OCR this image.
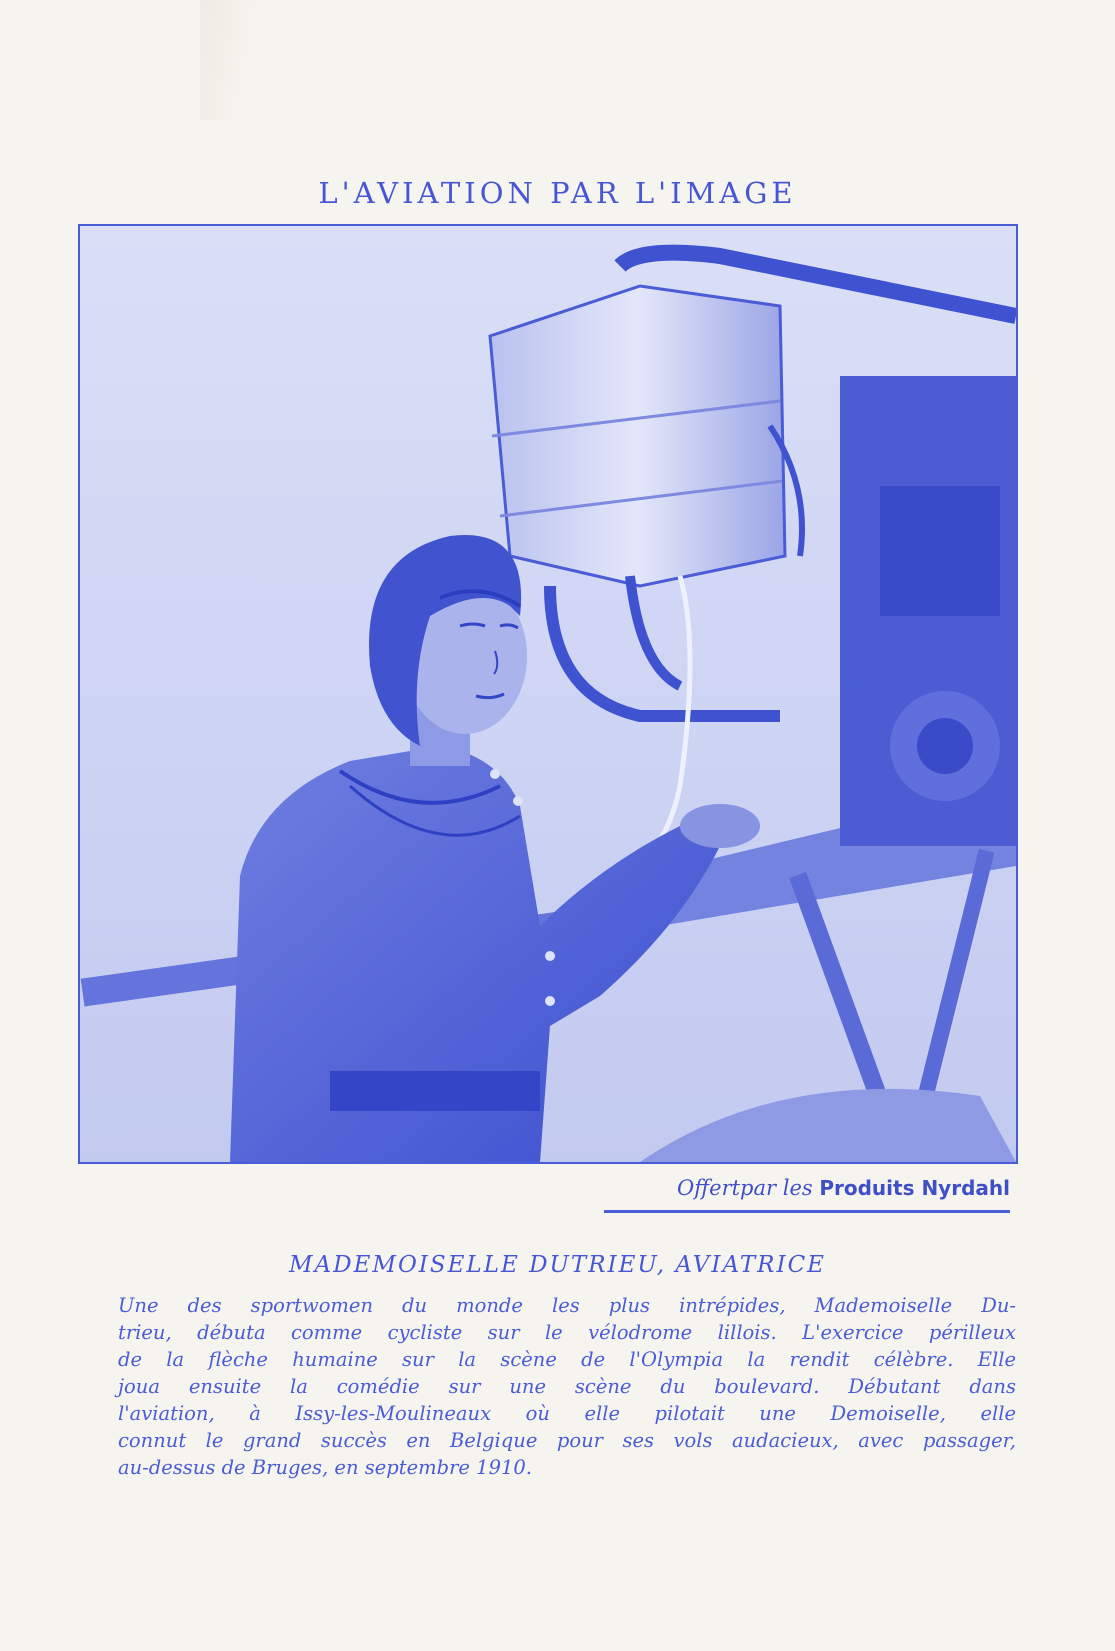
L'AVIATION PAR L'IMAGE
Offertpar les Produits Nyrdahl
MADEMOISELLE DUTRIEU, AVIATRICE
Une des sportwomen du monde les plus intrépides, Mademoiselle Du-
trieu, débuta comme cycliste sur le vélodrome lillois. L'exercice périlleux
de la flèche humaine sur la scène de l'Olympia la rendit célèbre. Elle
joua ensuite la comédie sur une scène du boulevard. Débutant dans
l'aviation, à Issy-les-Moulineaux où elle pilotait une Demoiselle, elle
connut le grand succès en Belgique pour ses vols audacieux, avec passager,
au-dessus de Bruges, en septembre 1910.
